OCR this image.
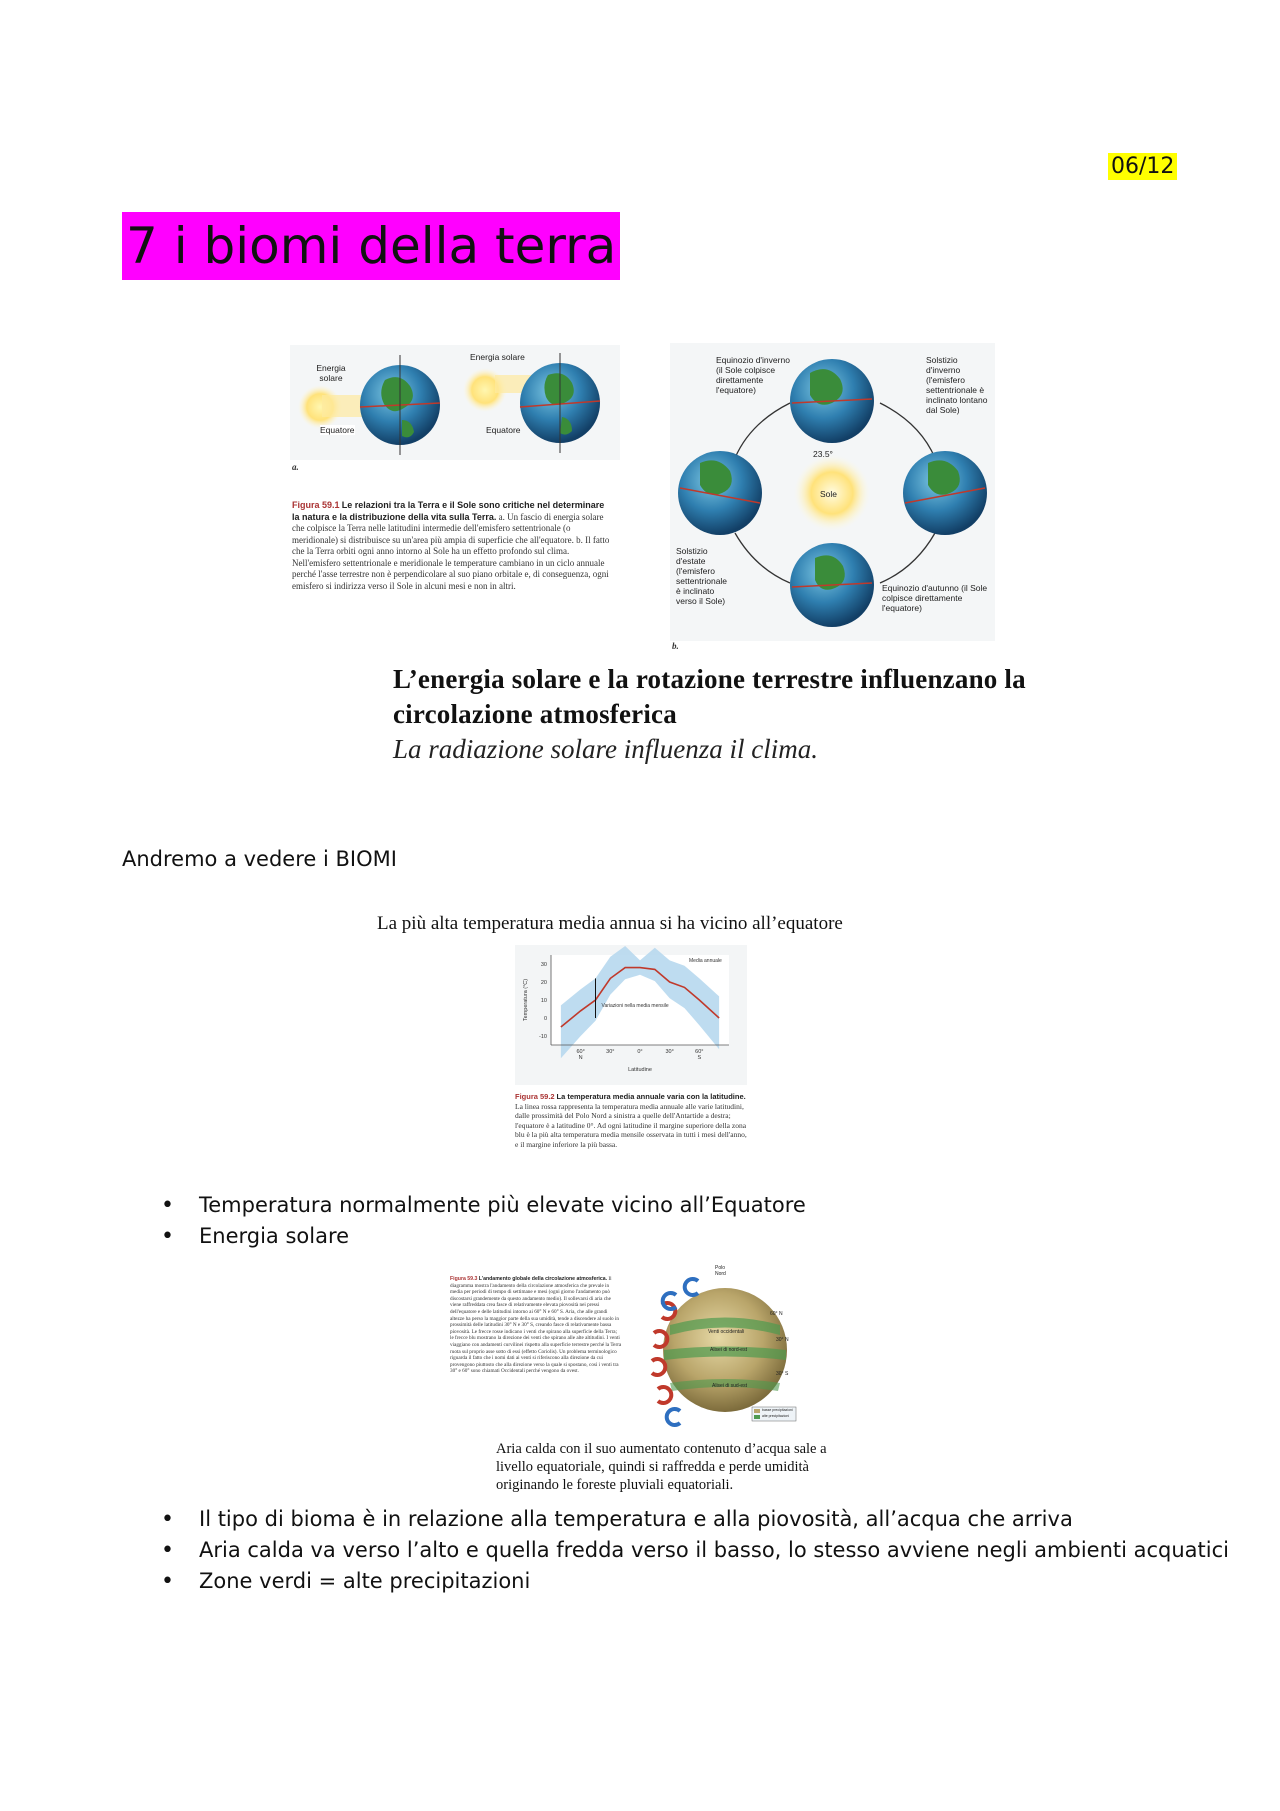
06/12
7 i biomi della terra
Energia solare
Energia solare
Equatore	Equatore
a.
Figura 59.1 Le relazioni tra la Terra e il Sole sono critiche nel determinare la natura e la distribuzione della vita sulla Terra. a. Un fascio di energia solare che colpisce la Terra nelle latitudini intermedie dell'emisfero settentrionale (o meridionale) si distribuisce su un'area più ampia di superficie che all'equatore. b. Il fatto che la Terra orbiti ogni anno intorno al Sole ha un effetto profondo sul clima. Nell'emisfero settentrionale e meridionale le temperature cambiano in un ciclo annuale perché l'asse terrestre non è perpendicolare al suo piano orbitale e, di conseguenza, ogni emisfero si indirizza verso il Sole in alcuni mesi e non in altri.
Equinozio d'inverno (il Sole colpisce direttamente l'equatore)
Solstizio d'inverno (l'emisfero settentrionale è inclinato lontano dal Sole)
Solstizio d'estate (l'emisfero settentrionale è inclinato verso il Sole)
Equinozio d'autunno (il Sole colpisce direttamente l'equatore)
Sole
23.5°
b.
L’energia solare e la rotazione terrestre influenzano la circolazione atmosferica
La radiazione solare influenza il clima.
Andremo a vedere i BIOMI
La più alta temperatura media annua si ha vicino all’equatore
30
20
10
0
-10
60°
N
30°	0°	30°	60°
S
Latitudine
Temperatura (°C)	Variazioni nella media mensile
Media annuale
Figura 59.2 La temperatura media annuale varia con la latitudine. La linea rossa rappresenta la temperatura media annuale alle varie latitudini, dalle prossimità del Polo Nord a sinistra a quelle dell'Antartide a destra; l'equatore è a latitudine 0°. Ad ogni latitudine il margine superiore della zona blu è la più alta temperatura media mensile osservata in tutti i mesi dell'anno, e il margine inferiore la più bassa.
• Temperatura normalmente più elevate vicino all’Equatore
• Energia solare
Figura 59.3 L'andamento globale della circolazione atmosferica. Il diagramma mostra l'andamento della circolazione atmosferica che prevale in media per periodi di tempo di settimane e mesi (ogni giorno l'andamento può discostarsi grandemente da questo andamento medio). Il sollevarsi di aria che viene raffreddata crea fasce di relativamente elevata piovosità nei pressi dell'equatore e delle latitudini intorno ai 60° N e 60° S. Aria, che alle grandi altezze ha perso la maggior parte della sua umidità, tende a discendere al suolo in prossimità delle latitudini 30° N e 30° S, creando fasce di relativamente bassa piovosità. Le frecce rosse indicano i venti che spirano alla superficie della Terra; le frecce blu mostrano la direzione dei venti che spirano alle alte altitudini. I venti viaggiano con andamenti curvilinei rispetto alla superficie terrestre perché la Terra ruota sul proprio asse sotto di essi (effetto Coriolis). Un problema terminologico riguarda il fatto che i nomi dati ai venti si riferiscono alla direzione da cui provengono piuttosto che alla direzione verso la quale si spostano, così i venti tra 30° e 60° sono chiamati Occidentali perché vengono da ovest.
Polo Nord
Venti occidentali
Alisei di nord-est
Alisei di sud-est
60° N
30° N
30° S
basse precipitazioni
alte precipitazioni
Aria calda con il suo aumentato contenuto d’acqua sale a livello equatoriale, quindi si raffredda e perde umidità originando le foreste pluviali equatoriali.
• Il tipo di bioma è in relazione alla temperatura e alla piovosità, all’acqua che arriva
• Aria calda va verso l’alto e quella fredda verso il basso, lo stesso avviene negli ambienti acquatici
• Zone verdi = alte precipitazioni
